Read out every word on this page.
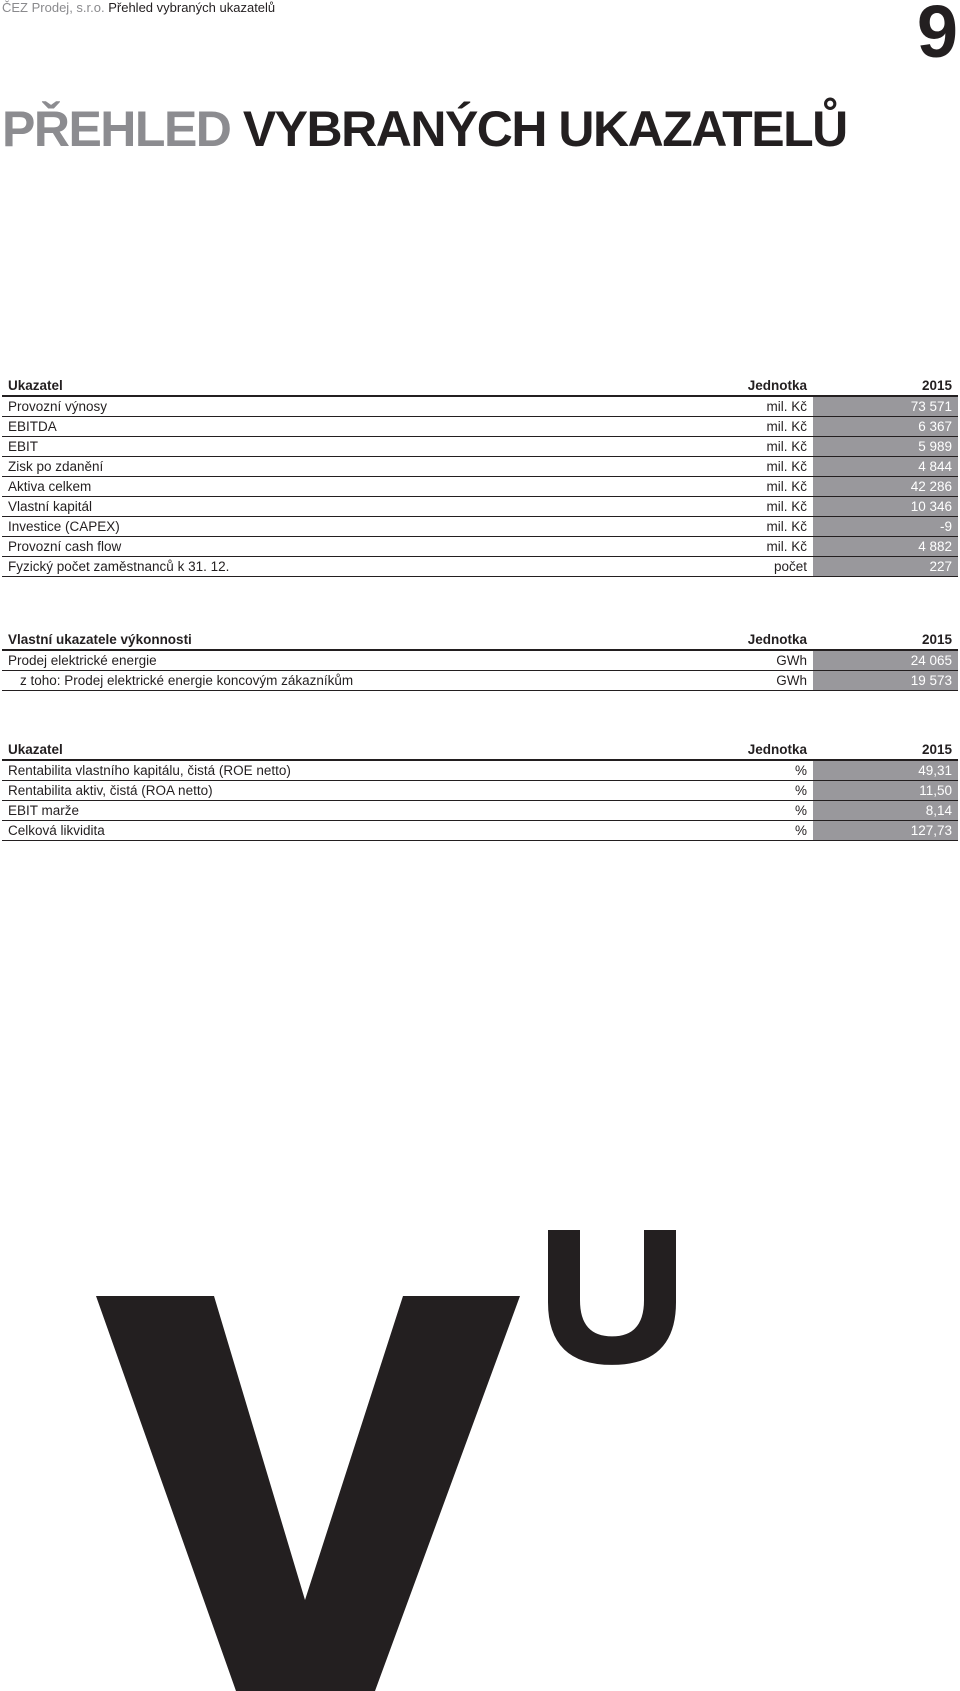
ČEZ Prodej, s.r.o. Přehled vybraných ukazatelů	9
PŘEHLED VYBRANÝCH UKAZATELŮ
Ukazatel	Jednotka	2015
Provozní výnosy	mil. Kč	73 571
EBITDA	mil. Kč	6 367
EBIT	mil. Kč	5 989
Zisk po zdanění	mil. Kč	4 844
Aktiva celkem	mil. Kč	42 286
Vlastní kapitál	mil. Kč	10 346
Investice (CAPEX)	mil. Kč	-9
Provozní cash flow	mil. Kč	4 882
Fyzický počet zaměstnanců k 31. 12.	počet	227
Vlastní ukazatele výkonnosti	Jednotka	2015
Prodej elektrické energie	GWh	24 065
z toho: Prodej elektrické energie koncovým zákazníkům	GWh	19 573
Ukazatel	Jednotka	2015
Rentabilita vlastního kapitálu, čistá (ROE netto)	%	49,31
Rentabilita aktiv, čistá (ROA netto)	%	11,50
EBIT marže	%	8,14
Celková likvidita	%	127,73
